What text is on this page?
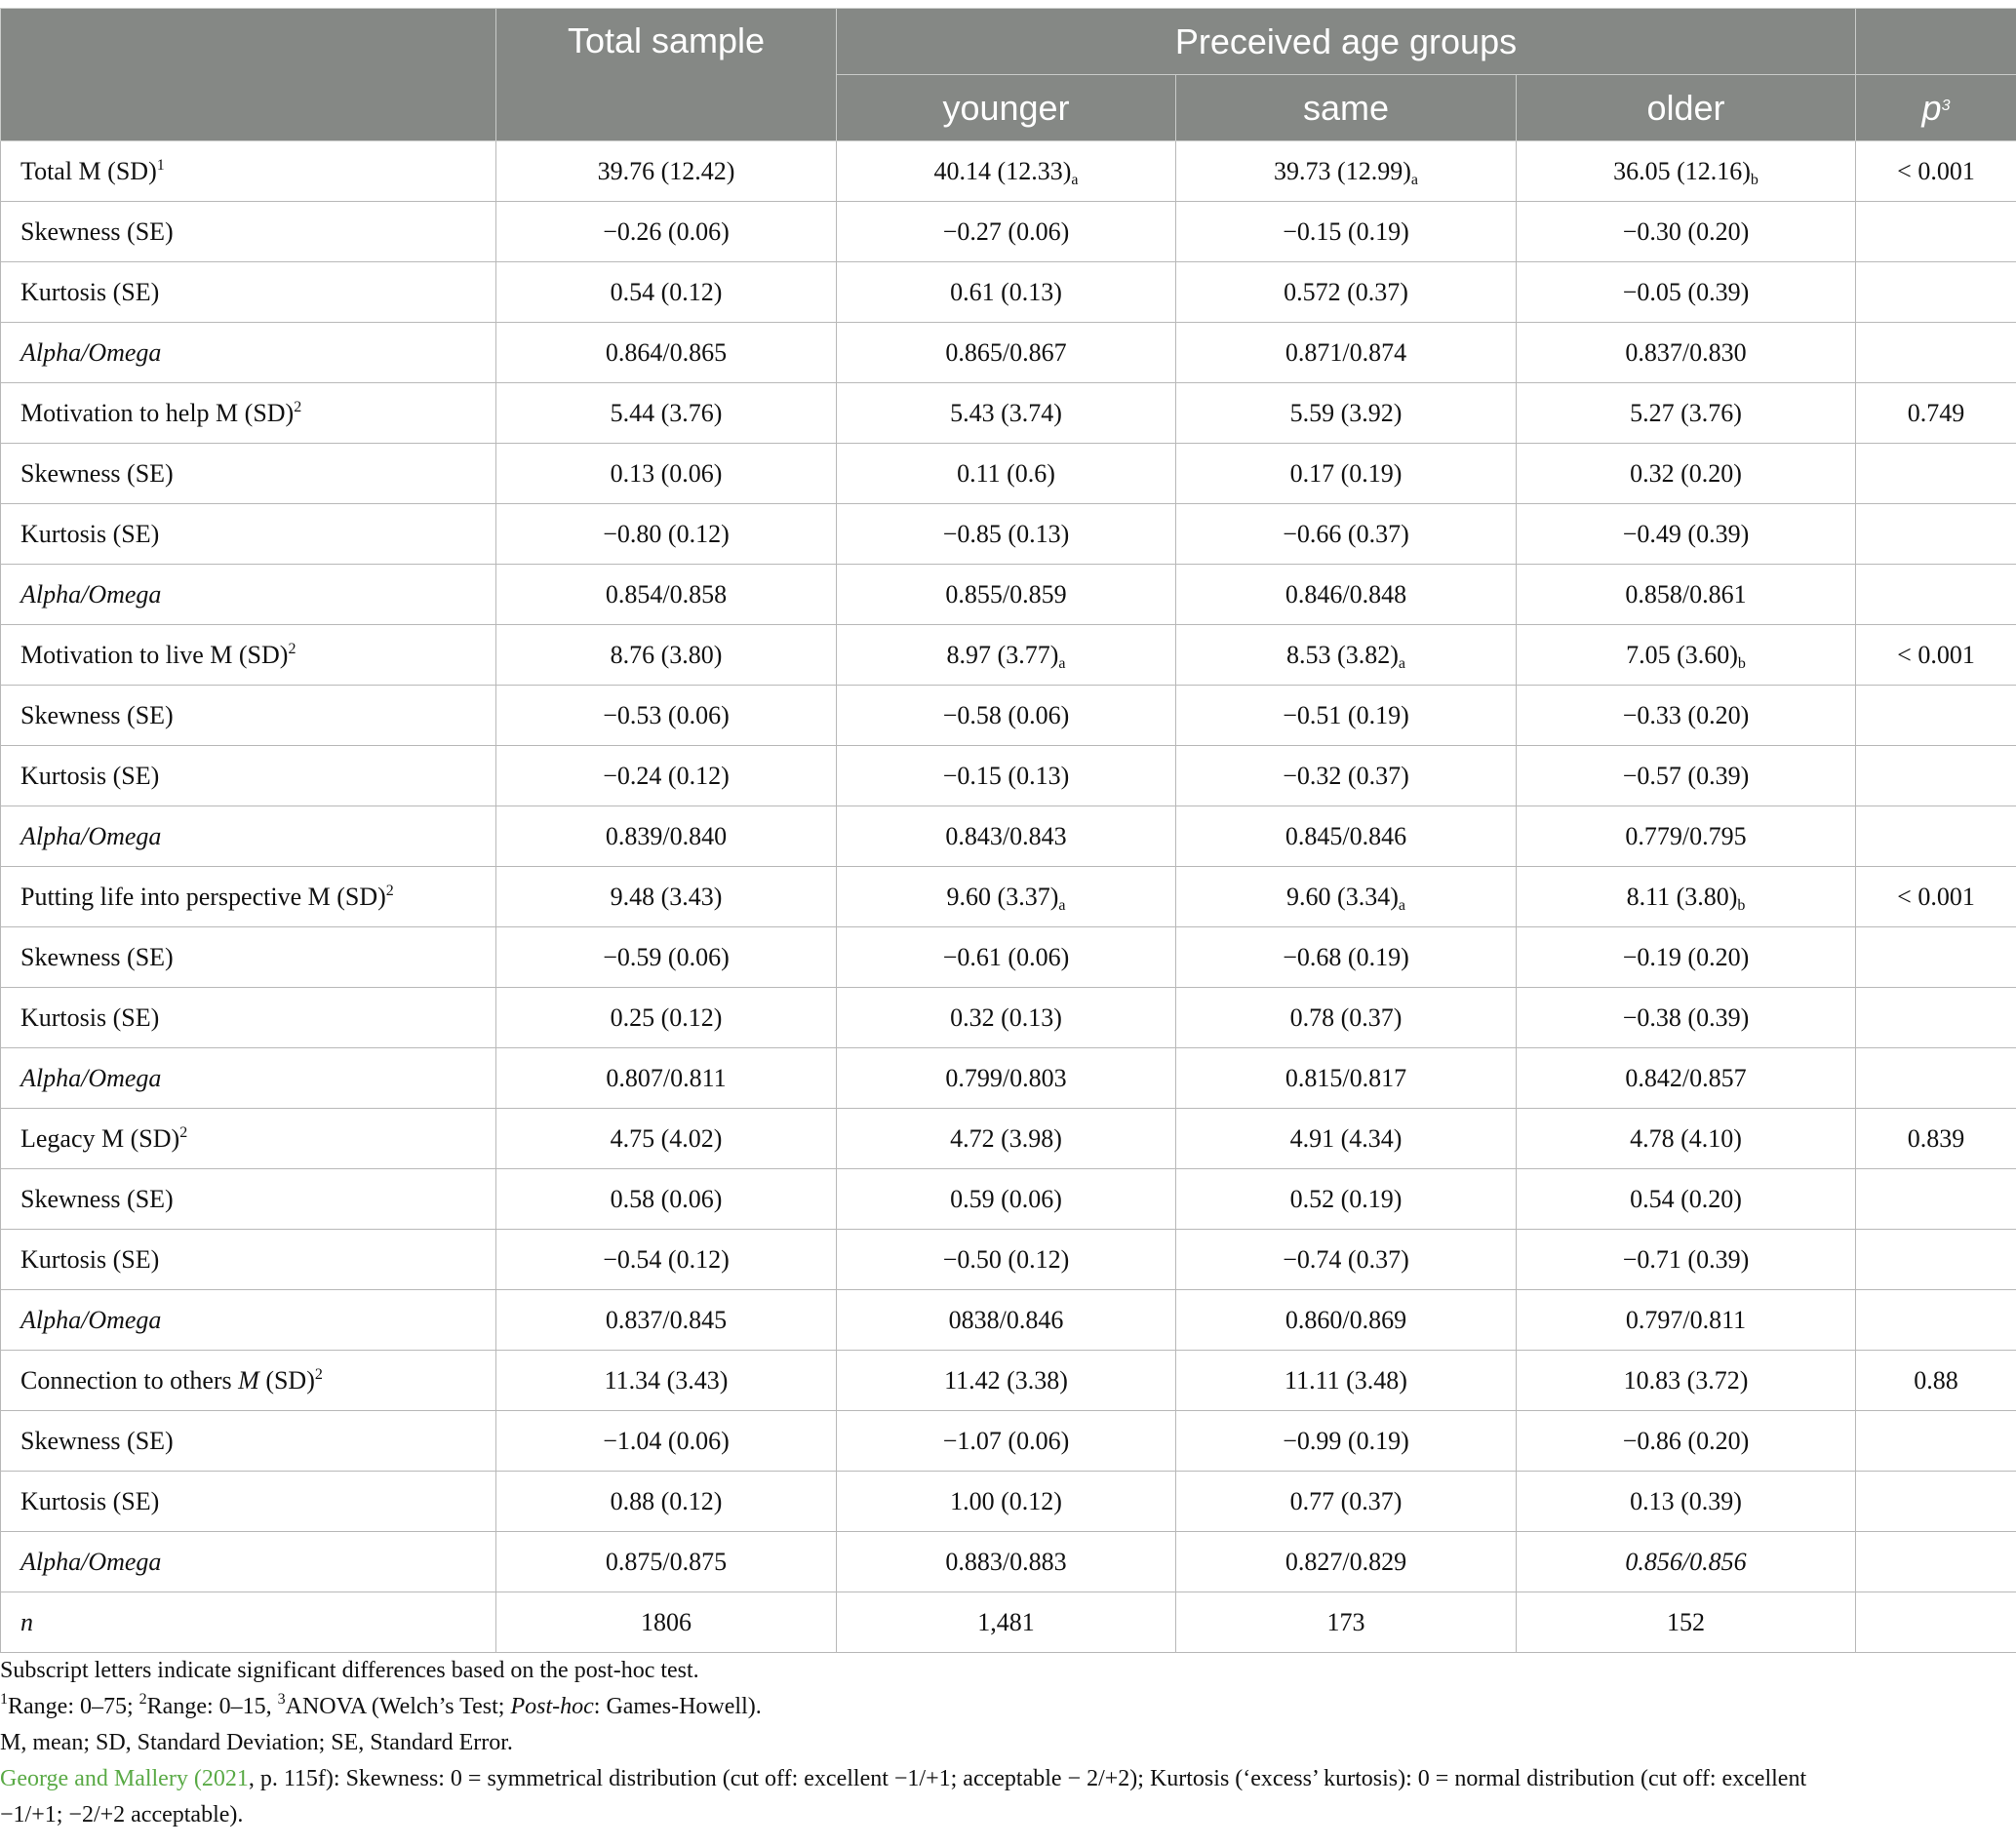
	Total sample	Preceived age groups			
		younger	same	older	$p^3$
Total M (SD)$^1$	39.76 (12.42)	40.14 $(12.33)_a$	39.73 $(12.99)_a$	36.05 $(12.16)_b$	< 0.001
Skewness (SE)	−0.26 (0.06)	−0.27 (0.06)	−0.15 (0.19)	−0.30 (0.20)	
Kurtosis (SE)	0.54 (0.12)	0.61 (0.13)	0.572 (0.37)	−0.05 (0.39)	
Alpha/Omega	0.864/0.865	0.865/0.867	0.871/0.874	0.837/0.830	
Motivation to help M (SD)$^2$	5.44 (3.76)	5.43 (3.74)	5.59 (3.92)	5.27 (3.76)	0.749
Skewness (SE)	0.13 (0.06)	0.11 (0.6)	0.17 (0.19)	0.32 (0.20)	
Kurtosis (SE)	−0.80 (0.12)	−0.85 (0.13)	−0.66 (0.37)	−0.49 (0.39)	
Alpha/Omega	0.854/0.858	0.855/0.859	0.846/0.848	0.858/0.861	
Motivation to live M (SD)$^2$	8.76 (3.80)	8.97 $(3.77)_a$	8.53 $(3.82)_a$	7.05 $(3.60)_b$	< 0.001
Skewness (SE)	−0.53 (0.06)	−0.58 (0.06)	−0.51 (0.19)	−0.33 (0.20)	
Kurtosis (SE)	−0.24 (0.12)	−0.15 (0.13)	−0.32 (0.37)	−0.57 (0.39)	
Alpha/Omega	0.839/0.840	0.843/0.843	0.845/0.846	0.779/0.795	
Putting life into perspective M (SD)$^2$	9.48 (3.43)	9.60 $(3.37)_a$	9.60 $(3.34)_a$	8.11 $(3.80)_b$	< 0.001
Skewness (SE)	−0.59 (0.06)	−0.61 (0.06)	−0.68 (0.19)	−0.19 (0.20)	
Kurtosis (SE)	0.25 (0.12)	0.32 (0.13)	0.78 (0.37)	−0.38 (0.39)	
Alpha/Omega	0.807/0.811	0.799/0.803	0.815/0.817	0.842/0.857	
Legacy M (SD)$^2$	4.75 (4.02)	4.72 (3.98)	4.91 (4.34)	4.78 (4.10)	0.839
Skewness (SE)	0.58 (0.06)	0.59 (0.06)	0.52 (0.19)	0.54 (0.20)	
Kurtosis (SE)	−0.54 (0.12)	−0.50 (0.12)	−0.74 (0.37)	−0.71 (0.39)	
Alpha/Omega	0.837/0.845	0838/0.846	0.860/0.869	0.797/0.811	
Connection to others M (SD)$^2$	11.34 (3.43)	11.42 (3.38)	11.11 (3.48)	10.83 (3.72)	0.88
Skewness (SE)	−1.04 (0.06)	−1.07 (0.06)	−0.99 (0.19)	−0.86 (0.20)	
Kurtosis (SE)	0.88 (0.12)	1.00 (0.12)	0.77 (0.37)	0.13 (0.39)	
Alpha/Omega	0.875/0.875	0.883/0.883	0.827/0.829	0.856/0.856	
n	1806	1,481	173	152	

Subscript letters indicate significant differences based on the post-hoc test.

$^1$Range: 0–75; $^2$Range: 0–15, $^3$ANOVA (Welch’s Test; Post-hoc: Games-Howell).

M, mean; SD, Standard Deviation; SE, Standard Error.

George and Mallery (2021, p. 115f): Skewness: 0 = symmetrical distribution (cut off: excellent −1/+1; acceptable − 2/+2); Kurtosis (‘excess’ kurtosis): 0 = normal distribution (cut off: excellent

−1/+1; −2/+2 acceptable).
